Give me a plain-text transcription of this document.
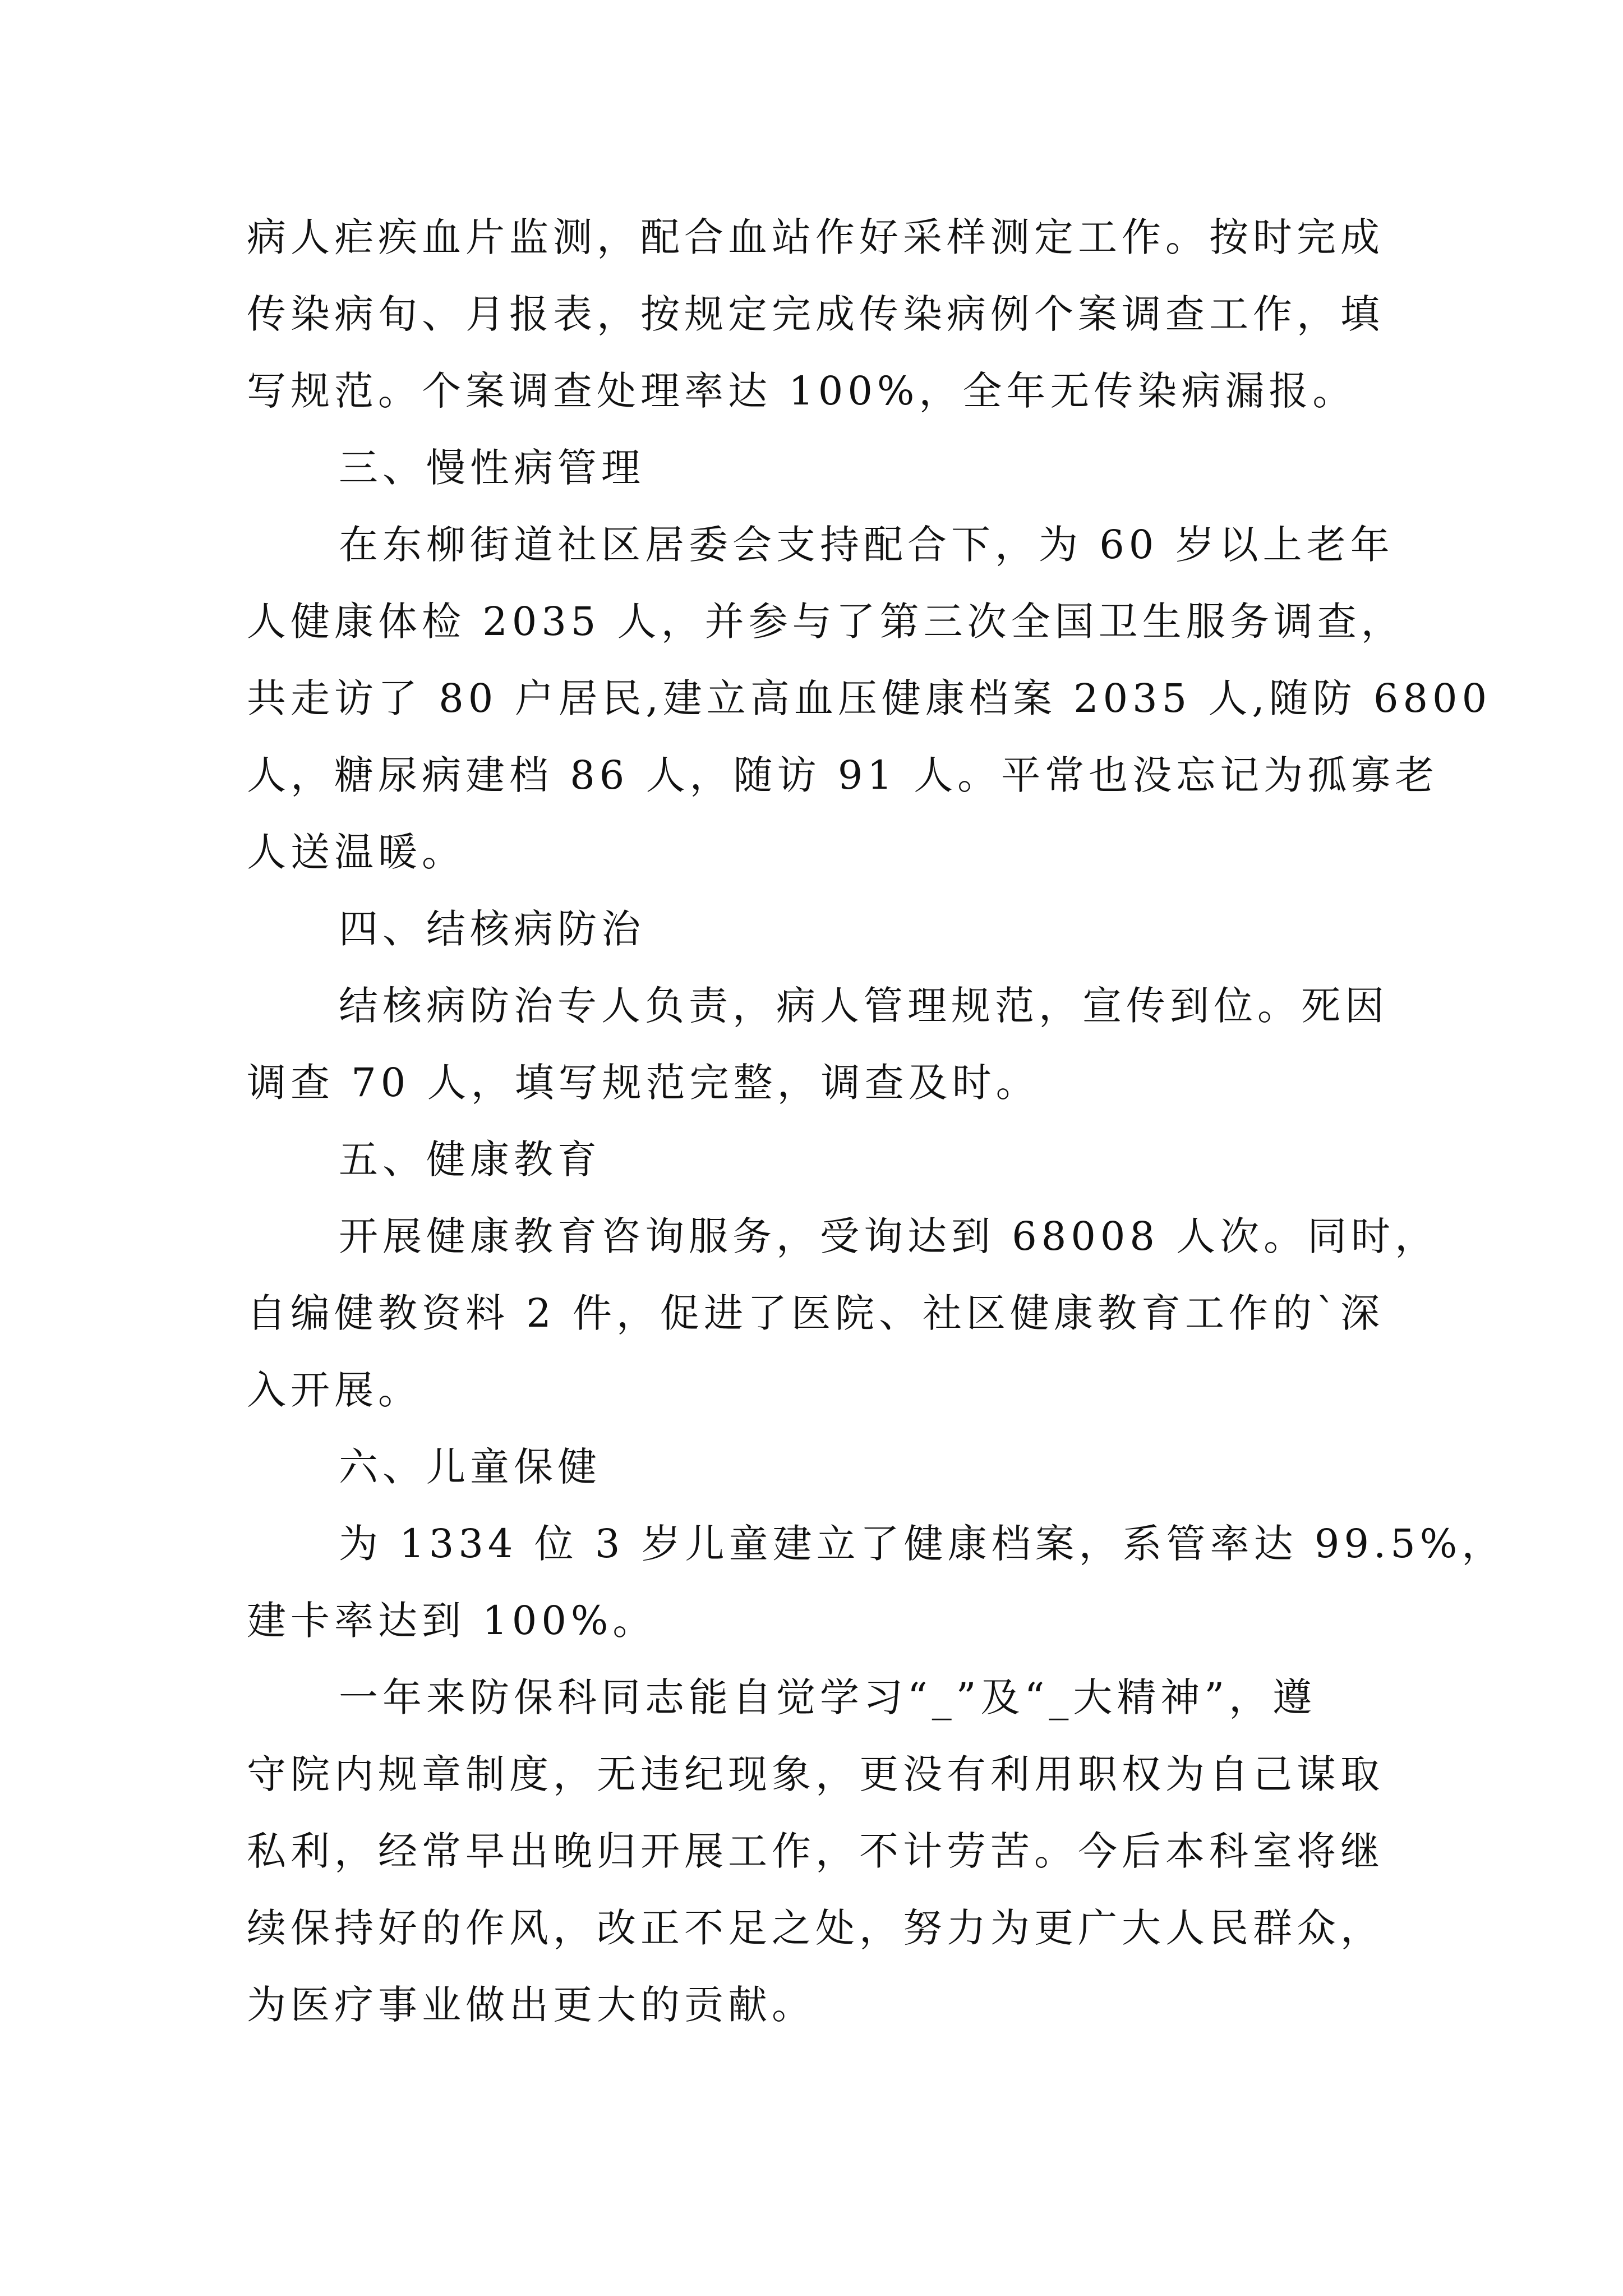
病人疟疾血片监测，配合血站作好采样测定工作。按时完成
传染病旬、月报表，按规定完成传染病例个案调查工作，填
写规范。个案调查处理率达 100%，全年无传染病漏报。
三、慢性病管理
在东柳街道社区居委会支持配合下，为 60 岁以上老年
人健康体检 2035 人，并参与了第三次全国卫生服务调查，
共走访了 80 户居民,建立高血压健康档案 2035 人,随防 6800
人，糖尿病建档 86 人，随访 91 人。平常也没忘记为孤寡老
人送温暖。
四、结核病防治
结核病防治专人负责，病人管理规范，宣传到位。死因
调查 70 人，填写规范完整，调查及时。
五、健康教育
开展健康教育咨询服务，受询达到 68008 人次。同时，
自编健教资料 2 件，促进了医院、社区健康教育工作的`深
入开展。
六、儿童保健
为 1334 位 3 岁儿童建立了健康档案，系管率达 99.5%，
建卡率达到 100%。
一年来防保科同志能自觉学习“_”及“_大精神”，遵
守院内规章制度，无违纪现象，更没有利用职权为自己谋取
私利，经常早出晚归开展工作，不计劳苦。今后本科室将继
续保持好的作风，改正不足之处，努力为更广大人民群众，
为医疗事业做出更大的贡献。
